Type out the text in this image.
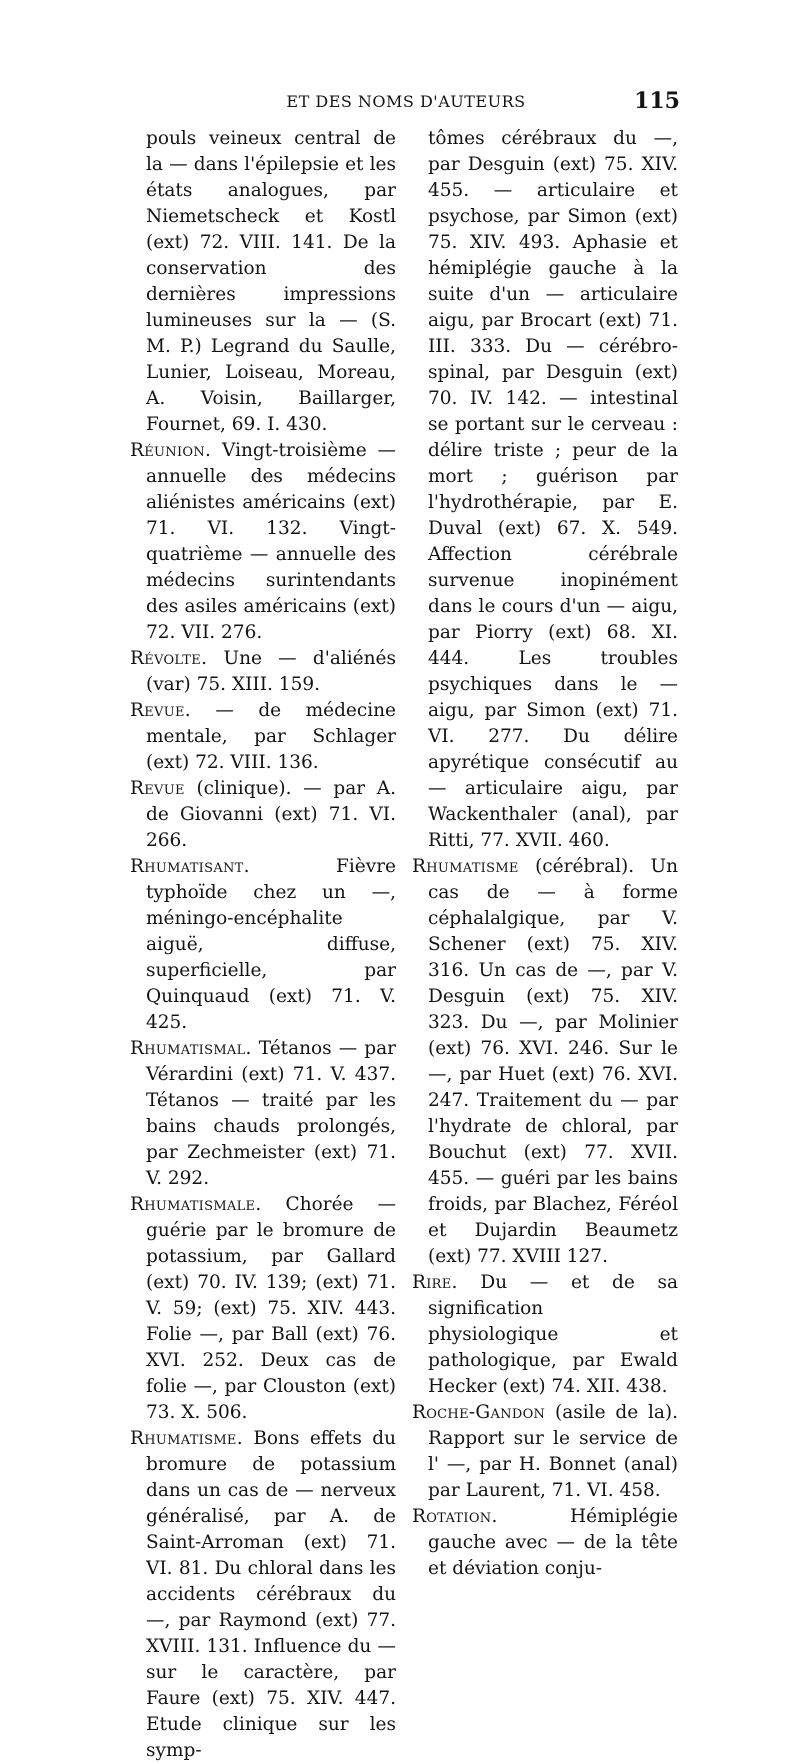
ET DES NOMS D'AUTEURS	115

pouls veineux central de la — dans l'épilepsie et les états analogues, par Niemetscheck et Kostl (ext) 72. VIII. 141. De la conservation des dernières impressions lumineuses sur la — (S. M. P.) Legrand du Saulle, Lunier, Loiseau, Moreau, A. Voisin, Baillarger, Fournet, 69. I. 430.

Réunion. Vingt-troisième — annuelle des médecins aliénistes américains (ext) 71. VI. 132. Vingt-quatrième — annuelle des médecins surintendants des asiles américains (ext) 72. VII. 276.

Révolte. Une — d'aliénés (var) 75. XIII. 159.

Revue. — de médecine mentale, par Schlager (ext) 72. VIII. 136.

Revue (clinique). — par A. de Giovanni (ext) 71. VI. 266.

Rhumatisant. Fièvre typhoïde chez un —, méningo-encéphalite aiguë, diffuse, superficielle, par Quinquaud (ext) 71. V. 425.

Rhumatismal. Tétanos — par Vérardini (ext) 71. V. 437. Tétanos — traité par les bains chauds prolongés, par Zechmeister (ext) 71. V. 292.

Rhumatismale. Chorée — guérie par le bromure de potassium, par Gallard (ext) 70. IV. 139; (ext) 71. V. 59; (ext) 75. XIV. 443. Folie —, par Ball (ext) 76. XVI. 252. Deux cas de folie —, par Clouston (ext) 73. X. 506.

Rhumatisme. Bons effets du bromure de potassium dans un cas de — nerveux généralisé, par A. de Saint-Arroman (ext) 71. VI. 81. Du chloral dans les accidents cérébraux du —, par Raymond (ext) 77. XVIII. 131. Influence du — sur le caractère, par Faure (ext) 75. XIV. 447. Etude clinique sur les symp-

tômes cérébraux du —, par Desguin (ext) 75. XIV. 455. — articulaire et psychose, par Simon (ext) 75. XIV. 493. Aphasie et hémiplégie gauche à la suite d'un — articulaire aigu, par Brocart (ext) 71. III. 333. Du — cérébro-spinal, par Desguin (ext) 70. IV. 142. — intestinal se portant sur le cerveau : délire triste ; peur de la mort ; guérison par l'hydrothérapie, par E. Duval (ext) 67. X. 549. Affection cérébrale survenue inopinément dans le cours d'un — aigu, par Piorry (ext) 68. XI. 444. Les troubles psychiques dans le — aigu, par Simon (ext) 71. VI. 277. Du délire apyrétique consécutif au — articulaire aigu, par Wackenthaler (anal), par Ritti, 77. XVII. 460.

Rhumatisme (cérébral). Un cas de — à forme céphalalgique, par V. Schener (ext) 75. XIV. 316. Un cas de —, par V. Desguin (ext) 75. XIV. 323. Du —, par Molinier (ext) 76. XVI. 246. Sur le —, par Huet (ext) 76. XVI. 247. Traitement du — par l'hydrate de chloral, par Bouchut (ext) 77. XVII. 455. — guéri par les bains froids, par Blachez, Féréol et Dujardin Beaumetz (ext) 77. XVIII 127.

Rire. Du — et de sa signification physiologique et pathologique, par Ewald Hecker (ext) 74. XII. 438.

Roche-Gandon (asile de la). Rapport sur le service de l' —, par H. Bonnet (anal) par Laurent, 71. VI. 458.

Rotation. Hémiplégie gauche avec — de la tête et déviation conju-
